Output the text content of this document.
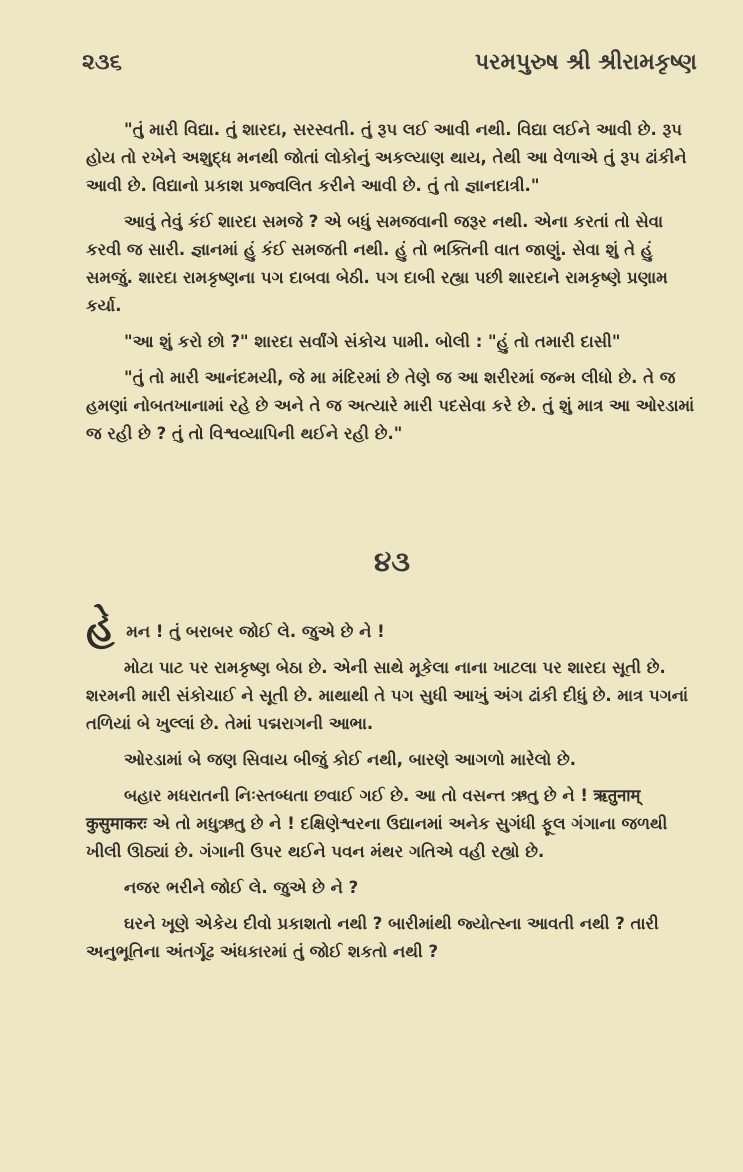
૨૩૬	પરમપુરુષ શ્રી શ્રીરામકૃષ્ણ

"તું મારી વિદ્યા. તું શારદા, સરસ્વતી. તું રૂપ લઈ આવી નથી. વિદ્યા લઈને આવી છે. રૂપ હોય તો રખેને અશુદ્ધ મનથી જોતાં લોકોનું અકલ્યાણ થાય, તેથી આ વેળાએ તું રૂપ ઢાંકીને આવી છે. વિદ્યાનો પ્રકાશ પ્રજ્વલિત કરીને આવી છે. તું તો જ્ઞાનદાત્રી."

આવું તેવું કંઈ શારદા સમજે ? એ બધું સમજવાની જરૂર નથી. એના કરતાં તો સેવા કરવી જ સારી. જ્ઞાનમાં હું કંઈ સમજતી નથી. હું તો ભક્તિની વાત જાણું. સેવા શું તે હું સમજું. શારદા રામકૃષ્ણના પગ દાબવા બેઠી. પગ દાબી રહ્યા પછી શારદાને રામકૃષ્ણે પ્રણામ કર્યા.

"આ શું કરો છો ?" શારદા સર્વાંગે સંકોચ પામી. બોલી : "હું તો તમારી દાસી"

"તું તો મારી આનંદમયી, જે મા મંદિરમાં છે તેણે જ આ શરીરમાં જન્મ લીધો છે. તે જ હમણાં નોબતખાનામાં રહે છે અને તે જ અત્યારે મારી પદસેવા કરે છે. તું શું માત્ર આ ઓરડામાં જ રહી છે ? તું તો વિશ્વવ્યાપિની થઈને રહી છે."

૪૩

હે મન ! તું બરાબર જોઈ લે. જુએ છે ને !

મોટા પાટ પર રામકૃષ્ણ બેઠા છે. એની સાથે મૂકેલા નાના ખાટલા પર શારદા સૂતી છે. શરમની મારી સંકોચાઈ ને સૂતી છે. માથાથી તે પગ સુધી આખું અંગ ઢાંકી દીધું છે. માત્ર પગનાં તળિયાં બે ખુલ્લાં છે. તેમાં પદ્મરાગની આભા.

ઓરડામાં બે જણ સિવાય બીજું કોઈ નથી, બારણે આગળો મારેલો છે.

બહાર મધરાતની નિઃસ્તબ્ધતા છવાઈ ગઈ છે. આ તો વસન્ત ઋતુ છે ને ! ऋतुनाम् कुसुमाकरः એ તો મધુઋતુ છે ને ! દક્ષિણેશ્વરના ઉદ્યાનમાં અનેક સુગંધી ફૂલ ગંગાના જળથી ખીલી ઊઠ્યાં છે. ગંગાની ઉપર થઈને પવન મંથર ગતિએ વહી રહ્યો છે.

નજર ભરીને જોઈ લે. જુએ છે ને ?

ઘરને ખૂણે એકેય દીવો પ્રકાશતો નથી ? બારીમાંથી જ્યોત્સ્ના આવતી નથી ? તારી અનુભૂતિના અંતર્ગૂઢ અંધકારમાં તું જોઈ શકતો નથી ?
